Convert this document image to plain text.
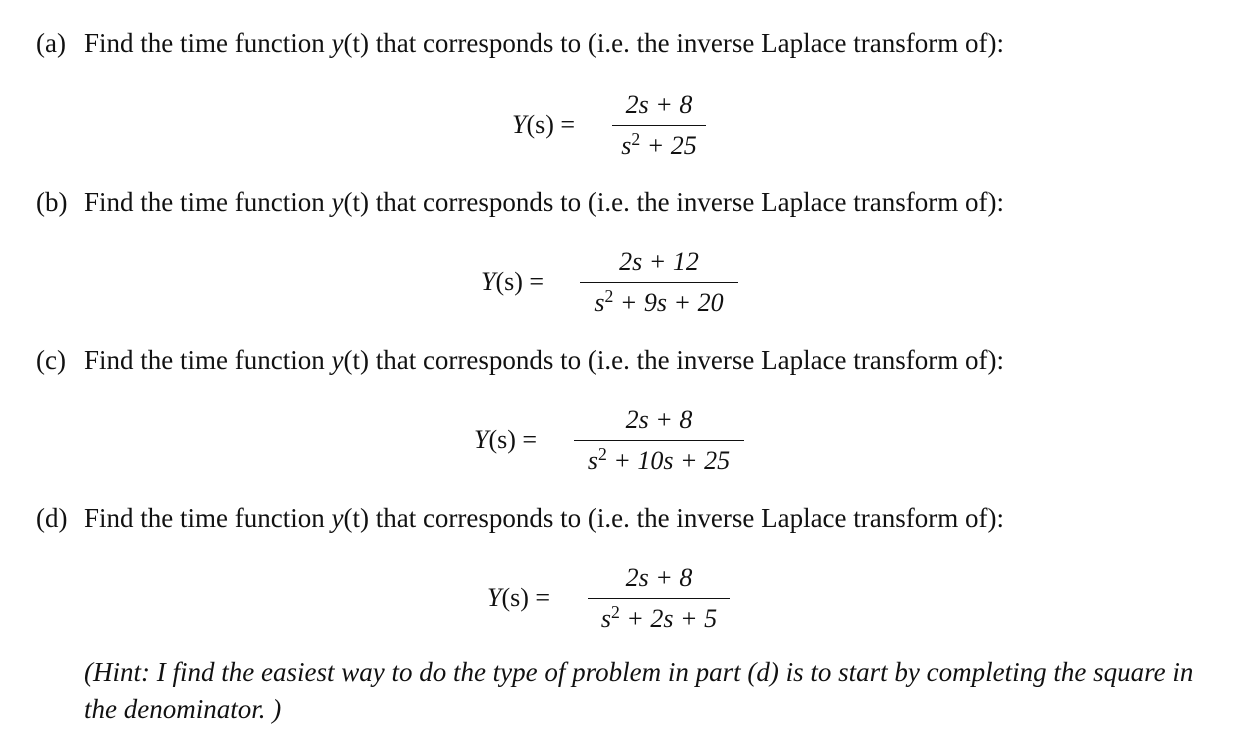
(a) Find the time function y(t) that corresponds to (i.e. the inverse Laplace transform of):
Y(s) =
2s + 8
$s^2 + 25$
(b) Find the time function y(t) that corresponds to (i.e. the inverse Laplace transform of):
Y(s) =
2s + 12
$s^2 + 9s + 20$
(c) Find the time function y(t) that corresponds to (i.e. the inverse Laplace transform of):
Y(s) =
2s + 8
$s^2 + 10s + 25$
(d) Find the time function y(t) that corresponds to (i.e. the inverse Laplace transform of):
Y(s) =
2s + 8
$s^2 + 2s + 5$
(Hint: I find the easiest way to do the type of problem in part (d) is to start by completing the square in the denominator. )
